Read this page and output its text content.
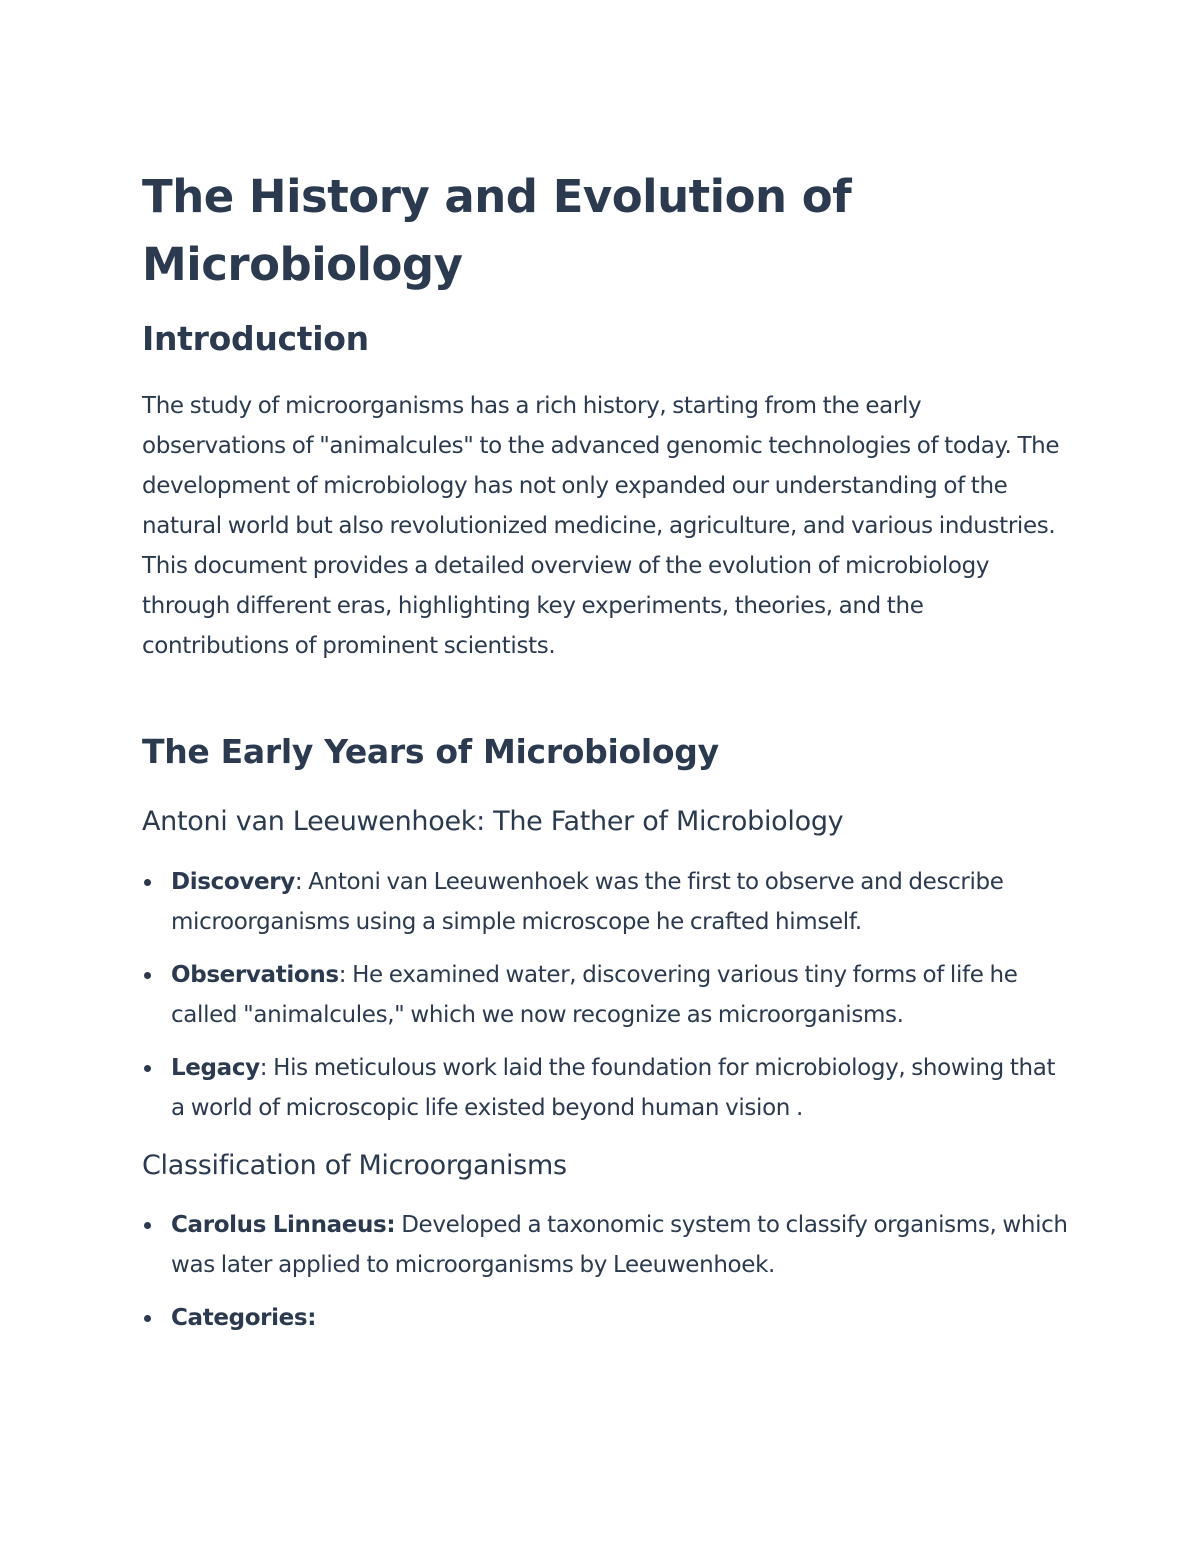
The History and Evolution of Microbiology
Introduction

The study of microorganisms has a rich history, starting from the early observations of "animalcules" to the advanced genomic technologies of today. The development of microbiology has not only expanded our understanding of the natural world but also revolutionized medicine, agriculture, and various industries. This document provides a detailed overview of the evolution of microbiology through different eras, highlighting key experiments, theories, and the contributions of prominent scientists.

The Early Years of Microbiology
Antoni van Leeuwenhoek: The Father of Microbiology
Discovery: Antoni van Leeuwenhoek was the first to observe and describe microorganisms using a simple microscope he crafted himself.
Observations: He examined water, discovering various tiny forms of life he called "animalcules," which we now recognize as microorganisms.
Legacy: His meticulous work laid the foundation for microbiology, showing that a world of microscopic life existed beyond human vision .
Classification of Microorganisms
Carolus Linnaeus: Developed a taxonomic system to classify organisms, which was later applied to microorganisms by Leeuwenhoek.
Categories:
